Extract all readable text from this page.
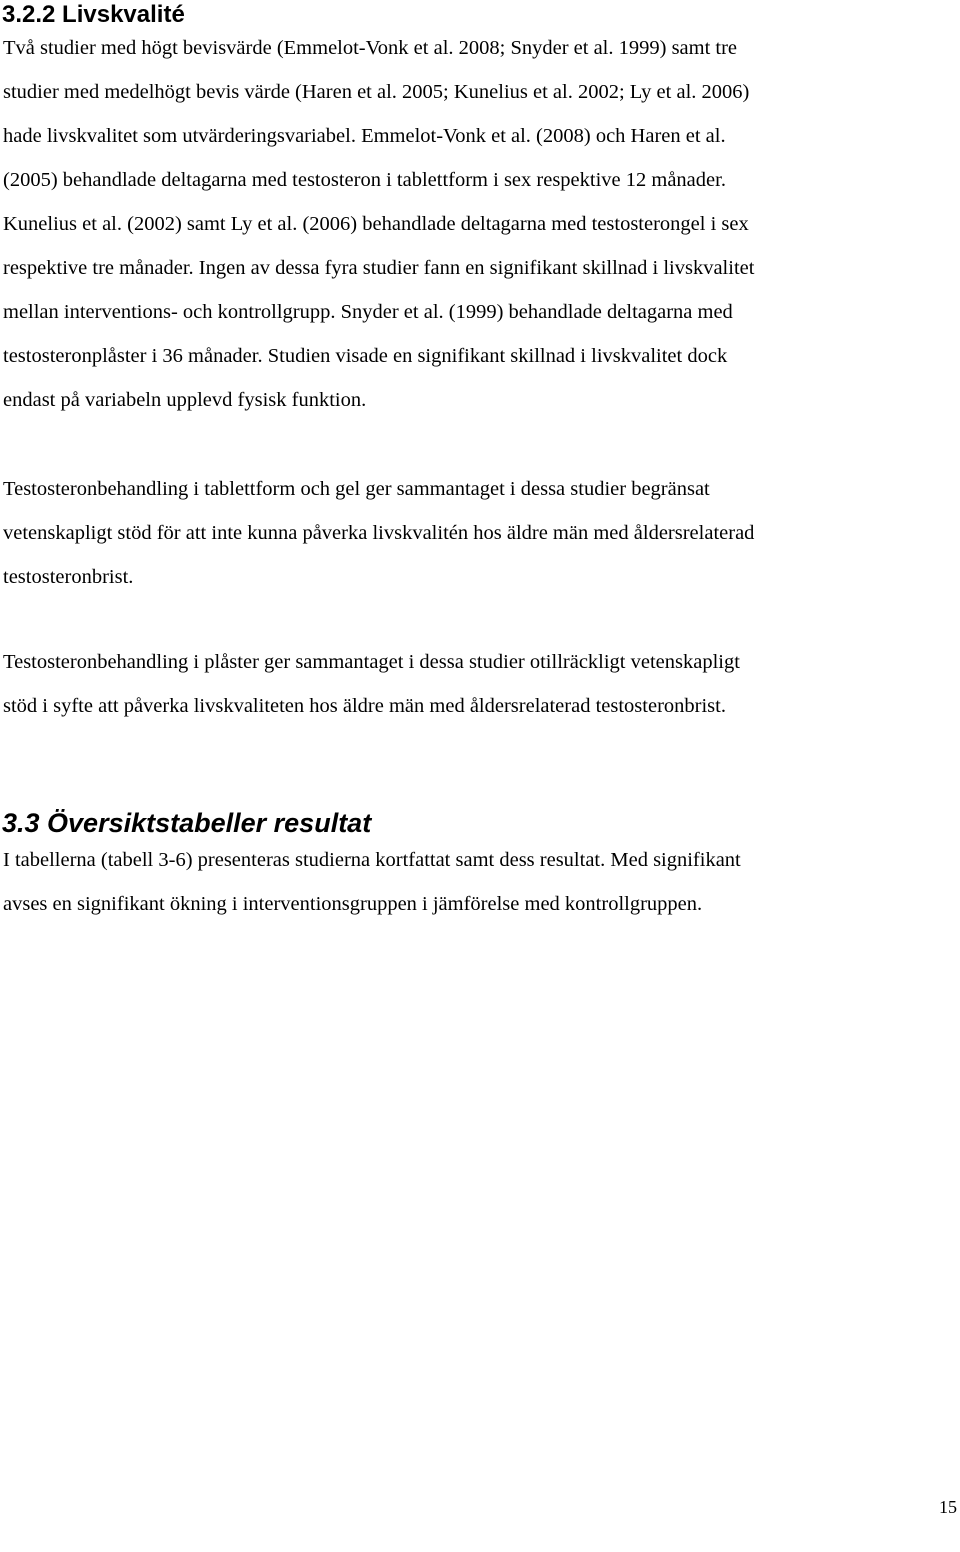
3.2.2 Livskvalité

Två studier med högt bevisvärde (Emmelot-Vonk et al. 2008; Snyder et al. 1999) samt tre
studier med medelhögt bevis värde (Haren et al. 2005; Kunelius et al. 2002; Ly et al. 2006)
hade livskvalitet som utvärderingsvariabel. Emmelot-Vonk et al. (2008) och Haren et al.
(2005) behandlade deltagarna med testosteron i tablettform i sex respektive 12 månader.
Kunelius et al. (2002) samt Ly et al. (2006) behandlade deltagarna med testosterongel i sex
respektive tre månader. Ingen av dessa fyra studier fann en signifikant skillnad i livskvalitet
mellan interventions- och kontrollgrupp. Snyder et al. (1999) behandlade deltagarna med
testosteronplåster i 36 månader. Studien visade en signifikant skillnad i livskvalitet dock
endast på variabeln upplevd fysisk funktion.

Testosteronbehandling i tablettform och gel ger sammantaget i dessa studier begränsat
vetenskapligt stöd för att inte kunna påverka livskvalitén hos äldre män med åldersrelaterad
testosteronbrist.

Testosteronbehandling i plåster ger sammantaget i dessa studier otillräckligt vetenskapligt
stöd i syfte att påverka livskvaliteten hos äldre män med åldersrelaterad testosteronbrist.

3.3 Översiktstabeller resultat

I tabellerna (tabell 3-6) presenteras studierna kortfattat samt dess resultat. Med signifikant
avses en signifikant ökning i interventionsgruppen i jämförelse med kontrollgruppen.

15
